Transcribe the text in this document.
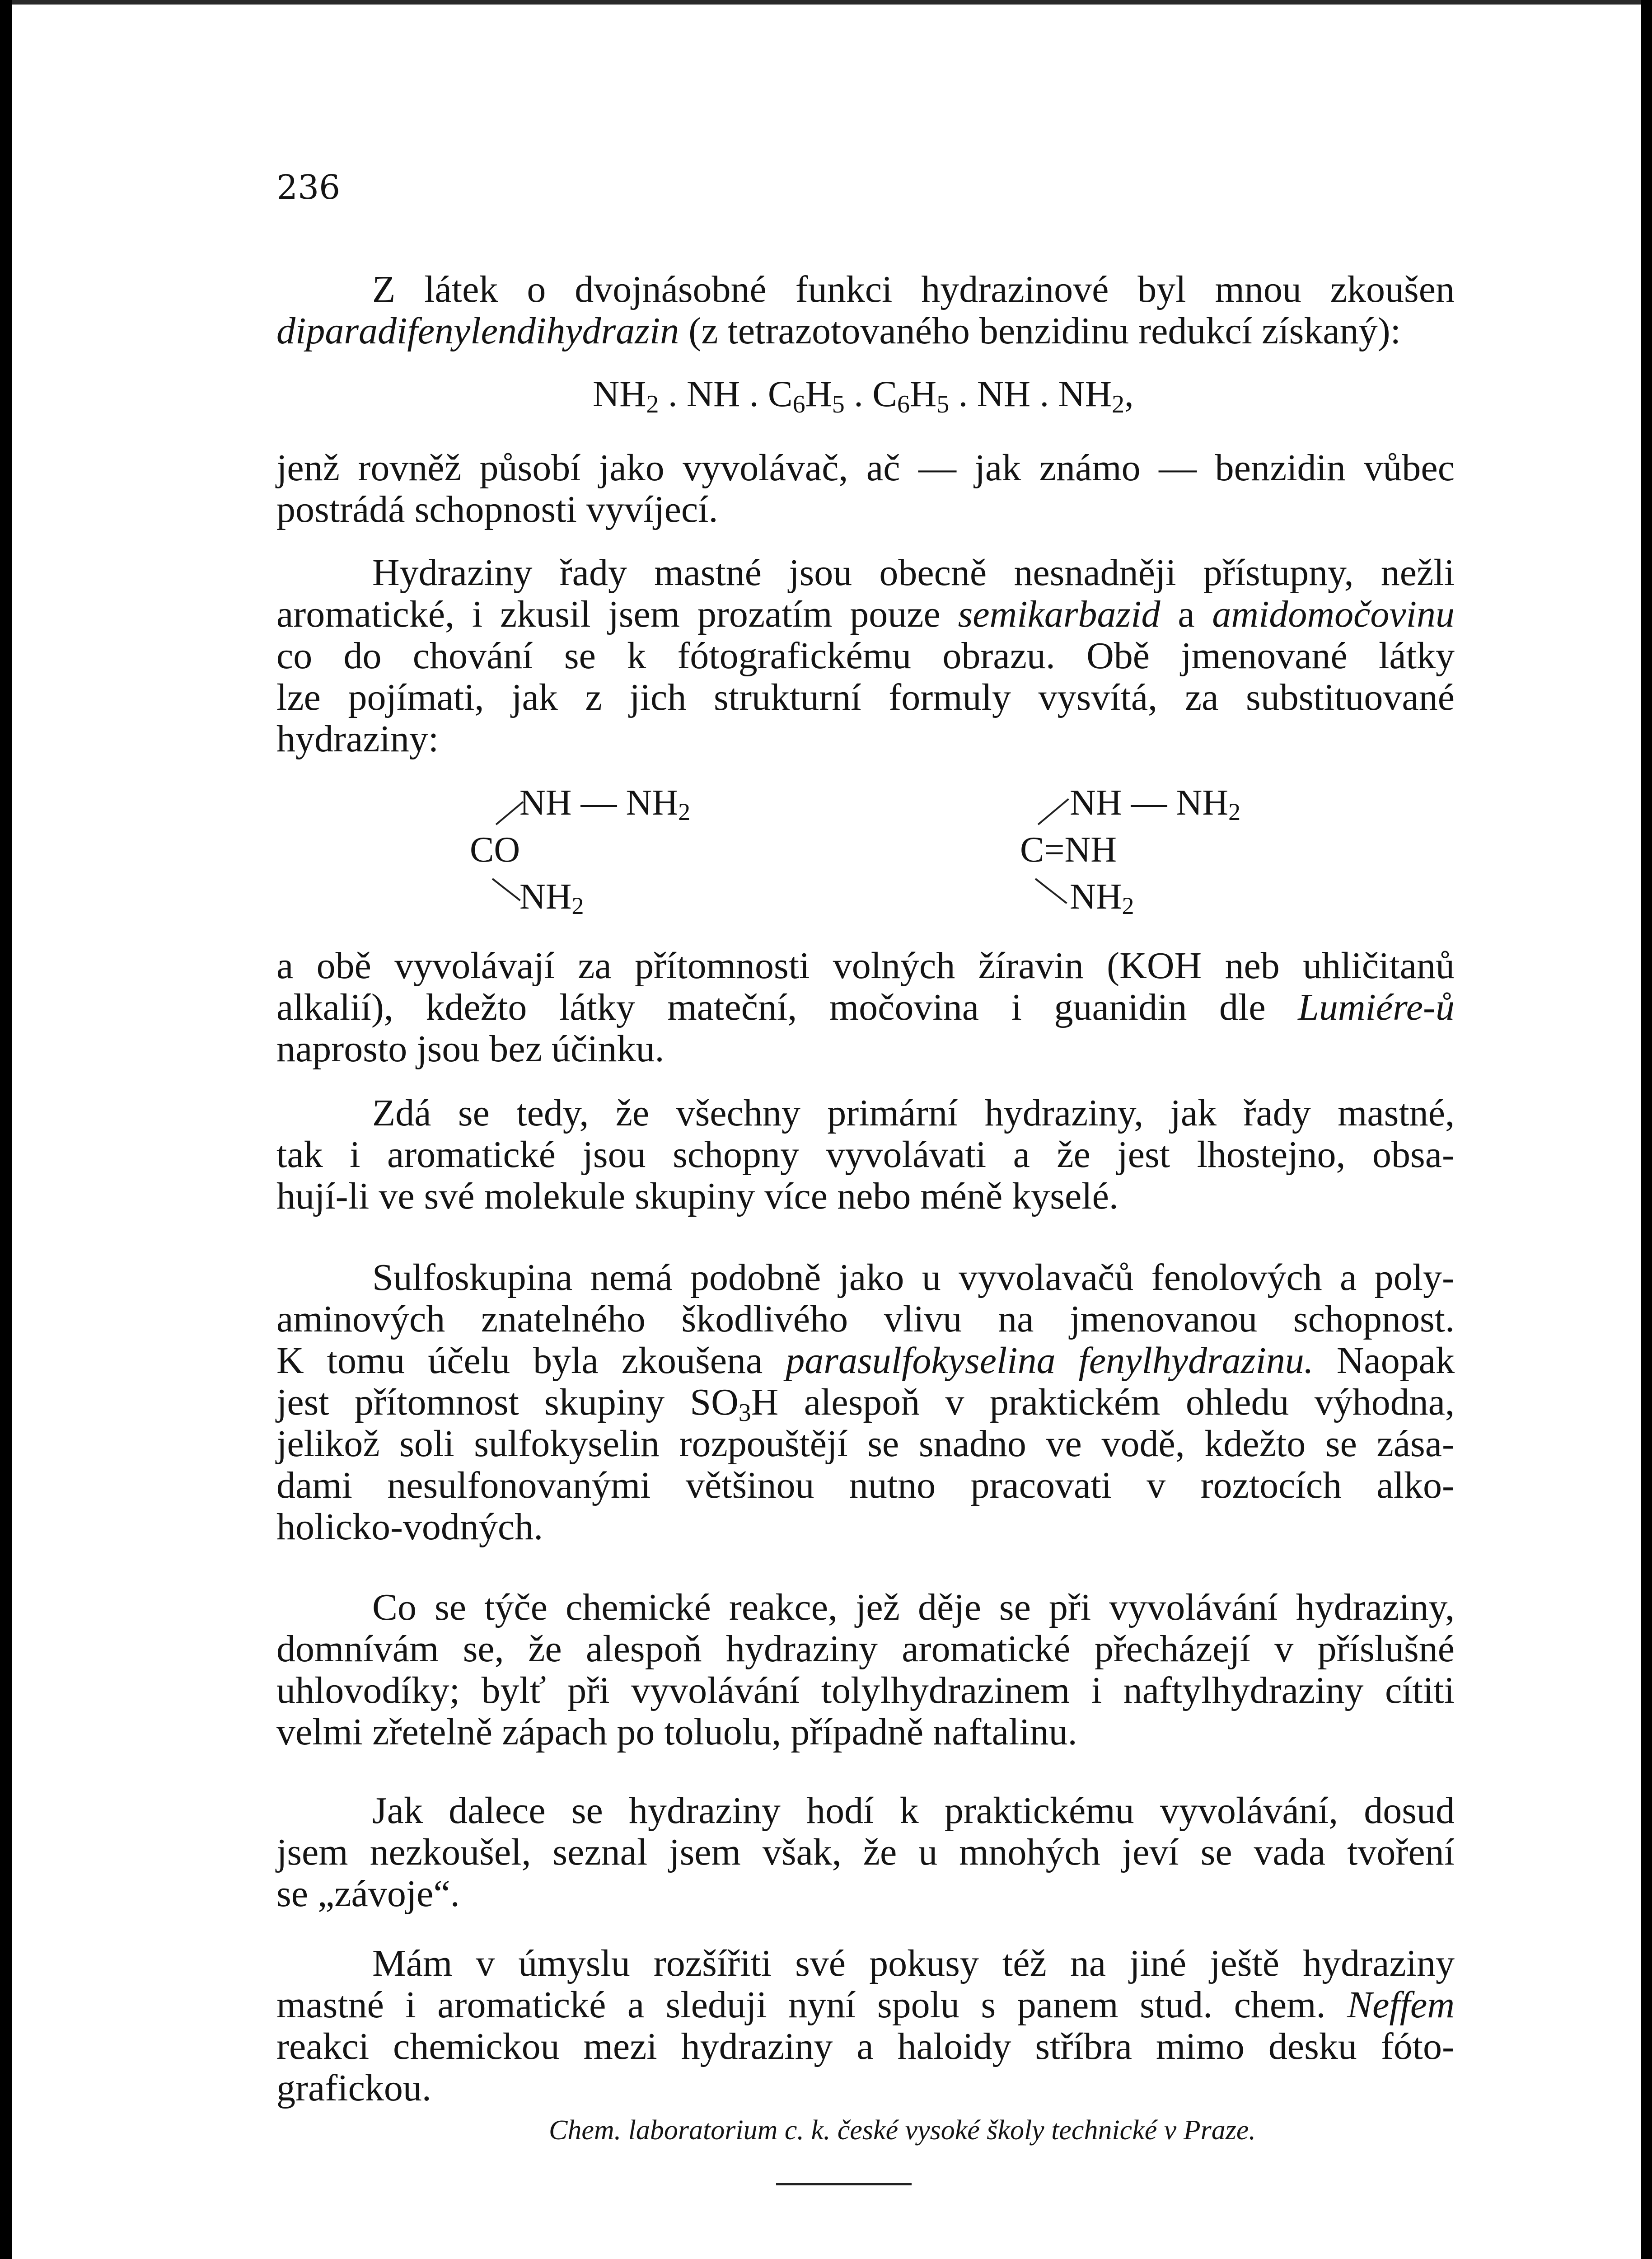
236
Z látek o dvojnásobné funkci hydrazinové byl mnou zkoušen
diparadifenylendihydrazin (z tetrazotovaného benzidinu redukcí získaný):
$NH_2$ . NH . $C_6H_5$ . $C_6H_5$ . NH . $NH_2$,
jenž rovněž působí jako vyvolávač, ač — jak známo — benzidin vůbec
postrádá schopnosti vyvíjecí.
Hydraziny řady mastné jsou obecně nesnadněji přístupny, nežli
aromatické, i zkusil jsem prozatím pouze semikarbazid a amidomočovinu
co do chování se k fótografickému obrazu. Obě jmenované látky
lze pojímati, jak z jich strukturní formuly vysvítá, za substituované
hydraziny:
NH — $NH_2$
CO
$NH_2$
NH — $NH_2$
C=NH
$NH_2$
a obě vyvolávají za přítomnosti volných žíravin (KOH neb uhličitanů
alkalií), kdežto látky mateční, močovina i guanidin dle Lumiére-ů
naprosto jsou bez účinku.
Zdá se tedy, že všechny primární hydraziny, jak řady mastné,
tak i aromatické jsou schopny vyvolávati a že jest lhostejno, obsa-
hují-li ve své molekule skupiny více nebo méně kyselé.
Sulfoskupina nemá podobně jako u vyvolavačů fenolových a poly-
aminových znatelného škodlivého vlivu na jmenovanou schopnost.
K tomu účelu byla zkoušena parasulfokyselina fenylhydrazinu. Naopak
jest přítomnost skupiny $SO_3H$ alespoň v praktickém ohledu výhodna,
jelikož soli sulfokyselin rozpouštějí se snadno ve vodě, kdežto se zása-
dami nesulfonovanými většinou nutno pracovati v roztocích alko-
holicko-vodných.
Co se týče chemické reakce, jež děje se při vyvolávání hydraziny,
domnívám se, že alespoň hydraziny aromatické přecházejí v příslušné
uhlovodíky; bylť při vyvolávání tolylhydrazinem i naftylhydraziny cítiti
velmi zřetelně zápach po toluolu, případně naftalinu.
Jak dalece se hydraziny hodí k praktickému vyvolávání, dosud
jsem nezkoušel, seznal jsem však, že u mnohých jeví se vada tvoření
se „závoje“.
Mám v úmyslu rozšířiti své pokusy též na jiné ještě hydraziny
mastné i aromatické a sleduji nyní spolu s panem stud. chem. Neffem
reakci chemickou mezi hydraziny a haloidy stříbra mimo desku fóto-
grafickou.
Chem. laboratorium c. k. české vysoké školy technické v Praze.
